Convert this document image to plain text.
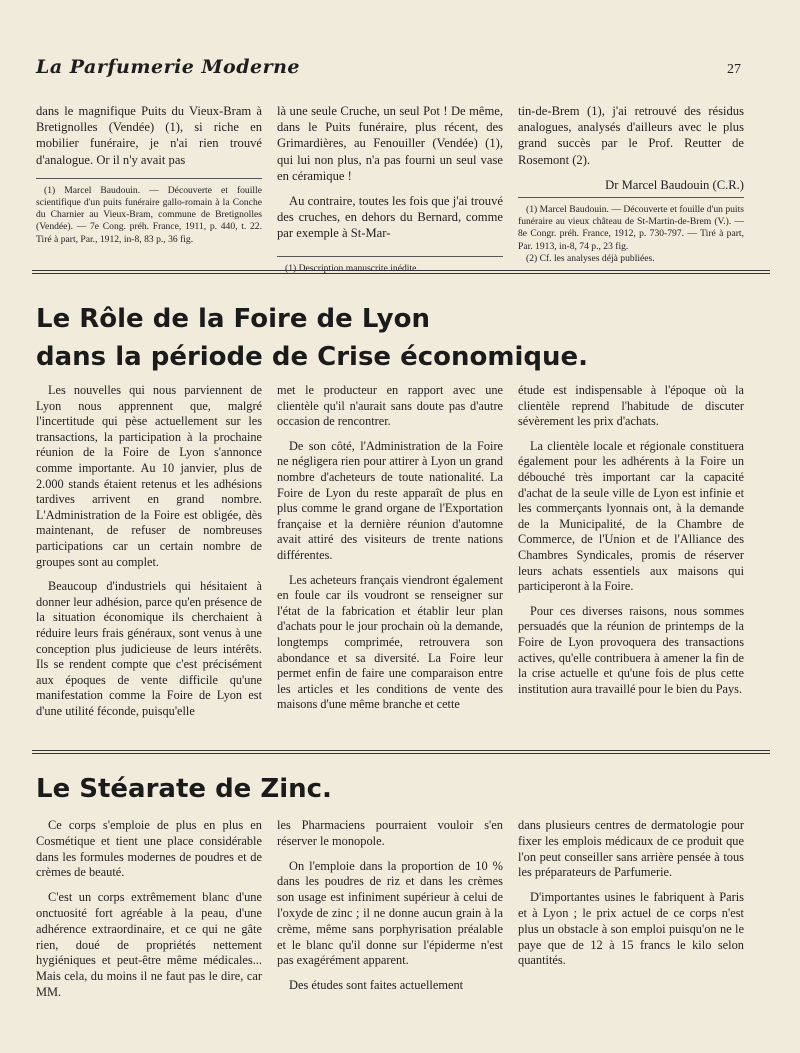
La Parfumerie Moderne	27

dans le magnifique Puits du Vieux-Bram à Bretignolles (Vendée) (1), si riche en mobilier funéraire, je n'ai rien trouvé d'analogue. Or il n'y avait pas

(1) Marcel Baudouin. — Découverte et fouille scientifique d'un puits funéraire gallo-romain à la Conche du Charnier au Vieux-Bram, commune de Bretignolles (Vendée). — 7e Cong. préh. France, 1911, p. 440, t. 22. Tiré à part, Par., 1912, in-8, 83 p., 36 fig.

là une seule Cruche, un seul Pot ! De même, dans le Puits funéraire, plus récent, des Grimardières, au Fenouiller (Vendée) (1), qui lui non plus, n'a pas fourni un seul vase en céramique !

Au contraire, toutes les fois que j'ai trouvé des cruches, en dehors du Bernard, comme par exemple à St-Mar-

(1) Description manuscrite inédite.

tin-de-Brem (1), j'ai retrouvé des résidus analogues, analysés d'ailleurs avec le plus grand succès par le Prof. Reutter de Rosemont (2).

Dr Marcel Baudouin (C.R.)

(1) Marcel Baudouin. — Découverte et fouille d'un puits funéraire au vieux château de St-Martin-de-Brem (V.). — 8e Congr. préh. France, 1912, p. 730-797. — Tiré à part, Par. 1913, in-8, 74 p., 23 fig.

(2) Cf. les analyses déjà publiées.

Le Rôle de la Foire de Lyon
dans la période de Crise économique.

Les nouvelles qui nous parviennent de Lyon nous apprennent que, malgré l'incertitude qui pèse actuellement sur les transactions, la participation à la prochaine réunion de la Foire de Lyon s'annonce comme importante. Au 10 janvier, plus de 2.000 stands étaient retenus et les adhésions tardives arrivent en grand nombre. L'Administration de la Foire est obligée, dès maintenant, de refuser de nombreuses participations car un certain nombre de groupes sont au complet.

Beaucoup d'industriels qui hésitaient à donner leur adhésion, parce qu'en présence de la situation économique ils cherchaient à réduire leurs frais généraux, sont venus à une conception plus judicieuse de leurs intérêts. Ils se rendent compte que c'est précisément aux époques de vente difficile qu'une manifestation comme la Foire de Lyon est d'une utilité féconde, puisqu'elle

met le producteur en rapport avec une clientèle qu'il n'aurait sans doute pas d'autre occasion de rencontrer.

De son côté, l'Administration de la Foire ne négligera rien pour attirer à Lyon un grand nombre d'acheteurs de toute nationalité. La Foire de Lyon du reste apparaît de plus en plus comme le grand organe de l'Exportation française et la dernière réunion d'automne avait attiré des visiteurs de trente nations différentes.

Les acheteurs français viendront également en foule car ils voudront se renseigner sur l'état de la fabrication et établir leur plan d'achats pour le jour prochain où la demande, longtemps comprimée, retrouvera son abondance et sa diversité. La Foire leur permet enfin de faire une comparaison entre les articles et les conditions de vente des maisons d'une même branche et cette

étude est indispensable à l'époque où la clientèle reprend l'habitude de discuter sévèrement les prix d'achats.

La clientèle locale et régionale constituera également pour les adhérents à la Foire un débouché très important car la capacité d'achat de la seule ville de Lyon est infinie et les commerçants lyonnais ont, à la demande de la Municipalité, de la Chambre de Commerce, de l'Union et de l'Alliance des Chambres Syndicales, promis de réserver leurs achats essentiels aux maisons qui participeront à la Foire.

Pour ces diverses raisons, nous sommes persuadés que la réunion de printemps de la Foire de Lyon provoquera des transactions actives, qu'elle contribuera à amener la fin de la crise actuelle et qu'une fois de plus cette institution aura travaillé pour le bien du Pays.

Le Stéarate de Zinc.

Ce corps s'emploie de plus en plus en Cosmétique et tient une place considérable dans les formules modernes de poudres et de crèmes de beauté.

C'est un corps extrêmement blanc d'une onctuosité fort agréable à la peau, d'une adhérence extraordinaire, et ce qui ne gâte rien, doué de propriétés nettement hygiéniques et peut-être même médicales... Mais cela, du moins il ne faut pas le dire, car MM.

les Pharmaciens pourraient vouloir s'en réserver le monopole.

On l'emploie dans la proportion de 10 % dans les poudres de riz et dans les crèmes son usage est infiniment supérieur à celui de l'oxyde de zinc ; il ne donne aucun grain à la crème, même sans porphyrisation préalable et le blanc qu'il donne sur l'épiderme n'est pas exagérément apparent.

Des études sont faites actuellement

dans plusieurs centres de dermatologie pour fixer les emplois médicaux de ce produit que l'on peut conseiller sans arrière pensée à tous les préparateurs de Parfumerie.

D'importantes usines le fabriquent à Paris et à Lyon ; le prix actuel de ce corps n'est plus un obstacle à son emploi puisqu'on ne le paye que de 12 à 15 francs le kilo selon quantités.
